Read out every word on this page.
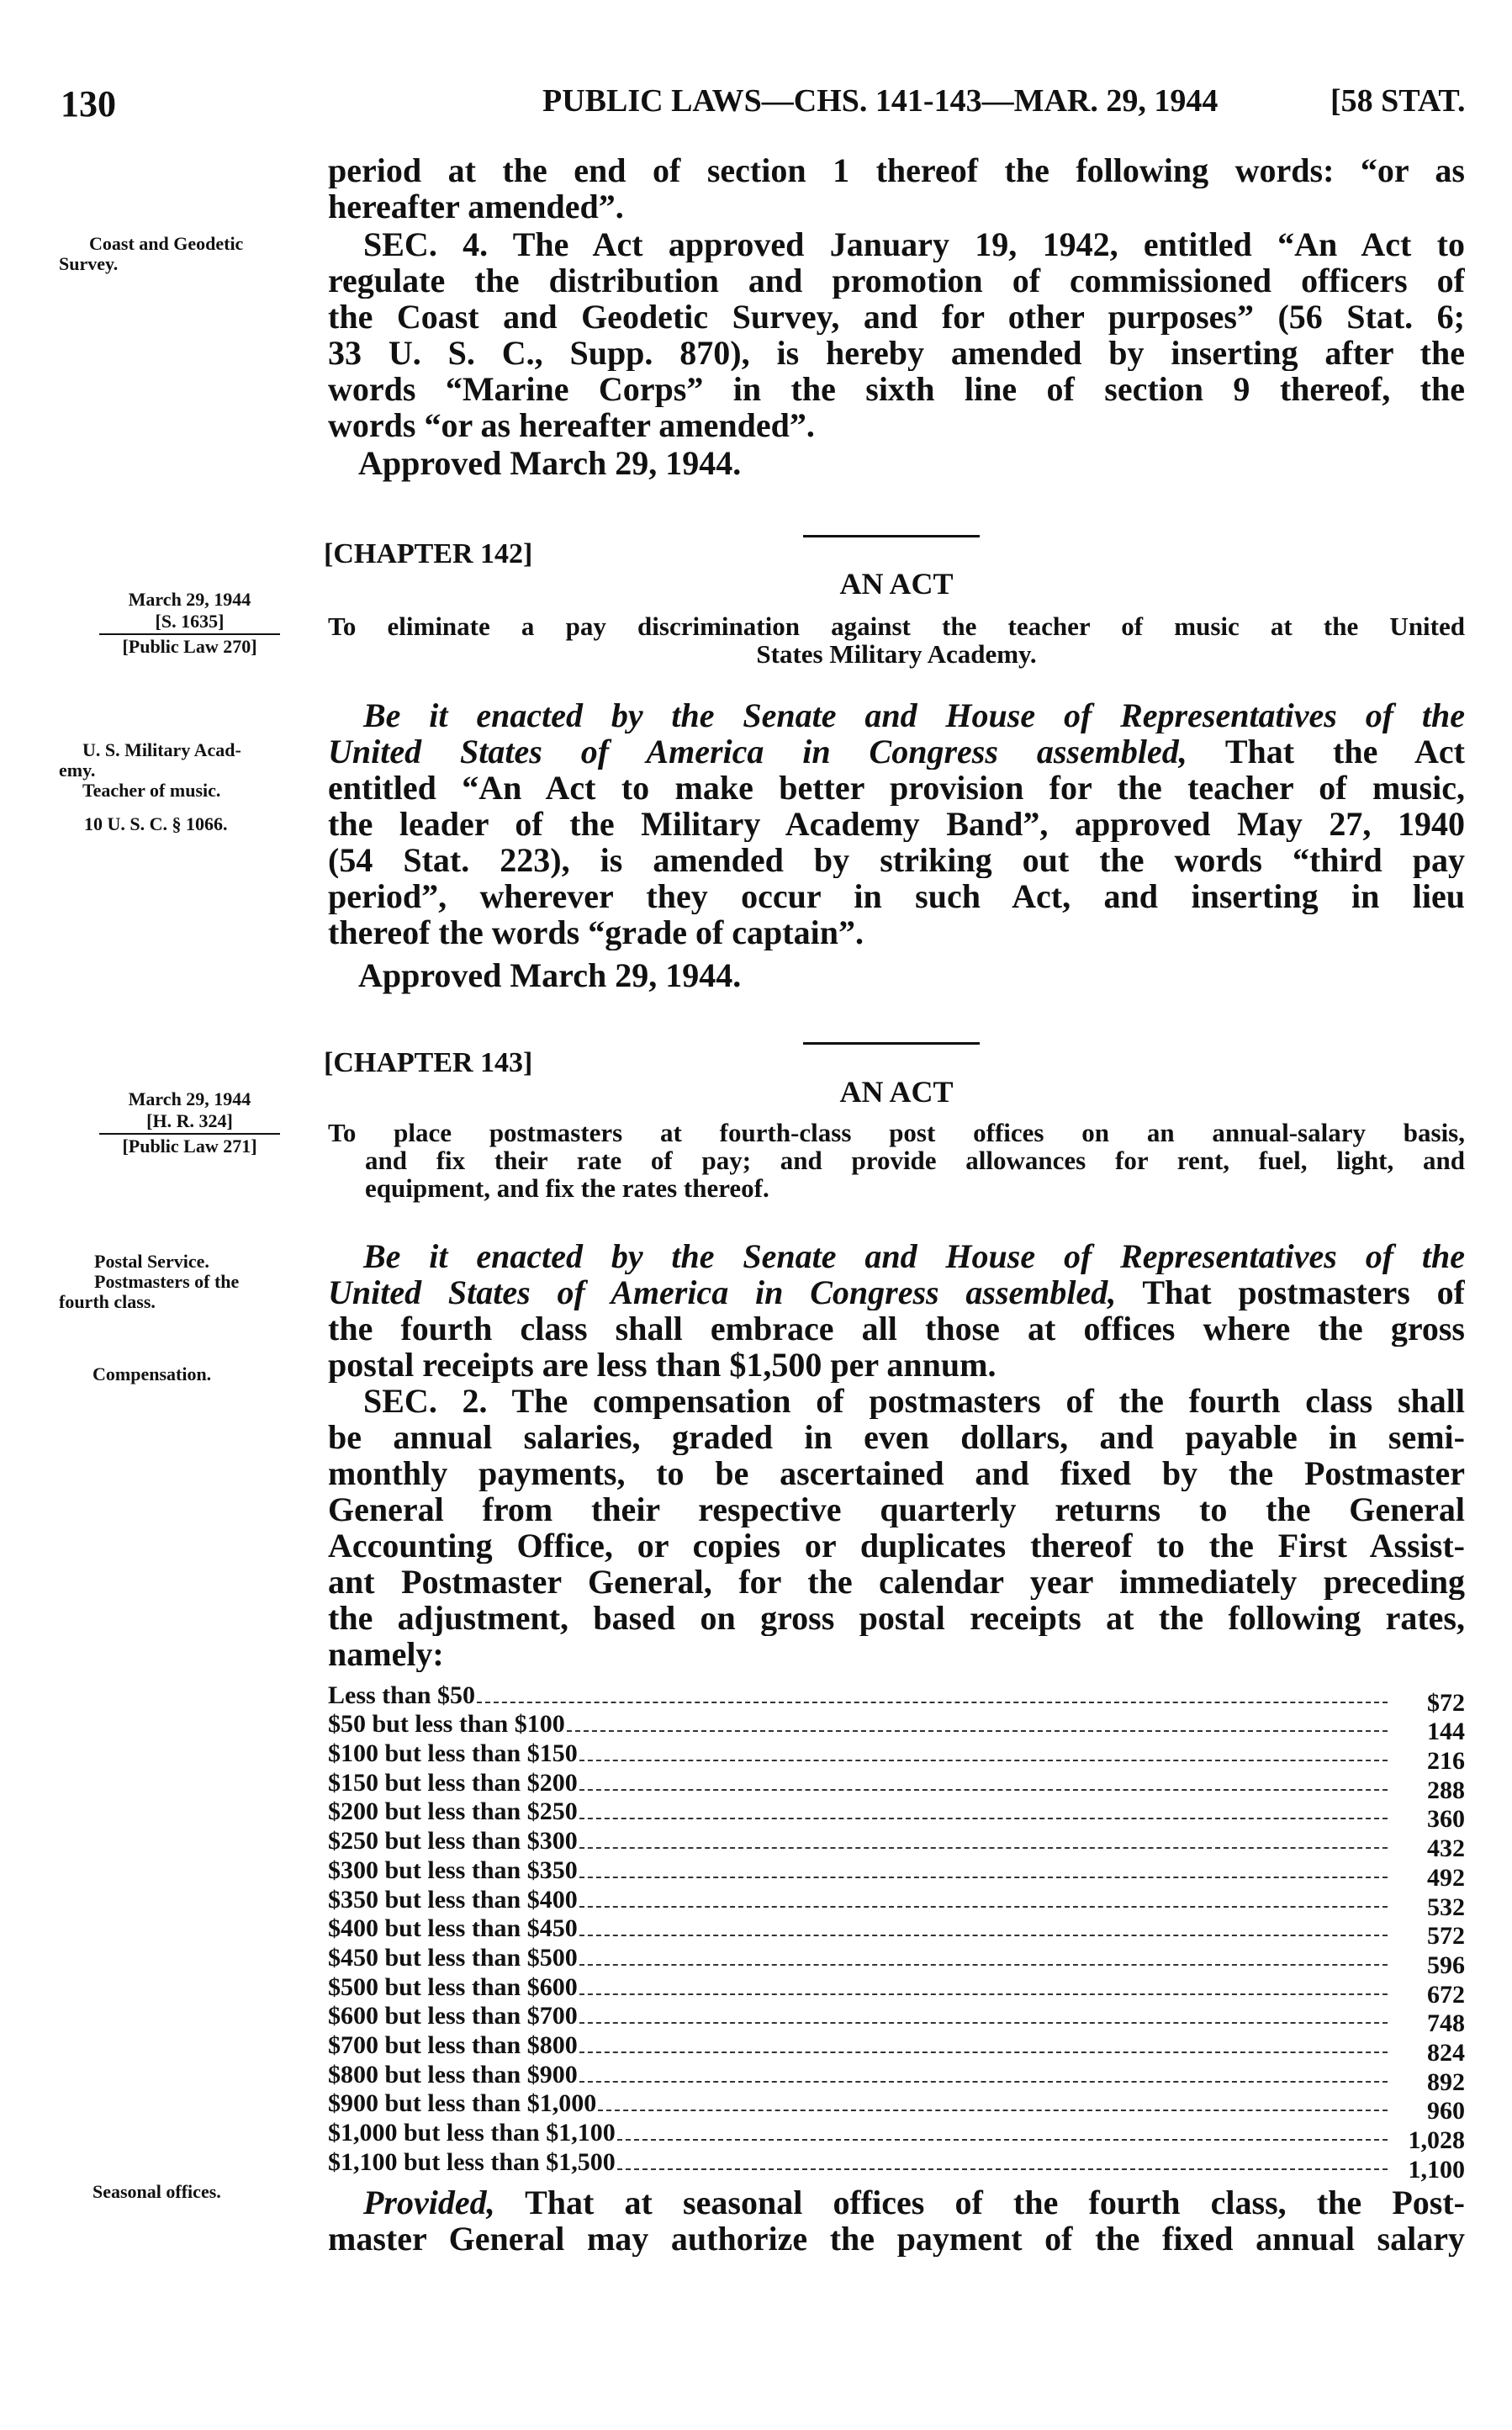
130	PUBLIC LAWS—CHS. 141-143—MAR. 29, 1944	[58 STAT.
period at the end of section 1 thereof the following words: “or as
hereafter amended”.
SEC. 4. The Act approved January 19, 1942, entitled “An Act to
regulate the distribution and promotion of commissioned officers of
the Coast and Geodetic Survey, and for other purposes” (56 Stat. 6;
33 U. S. C., Supp. 870), is hereby amended by inserting after the
words “Marine Corps” in the sixth line of section 9 thereof, the
words “or as hereafter amended”.
Approved March 29, 1944.
Coast and Geodetic
Survey.
[CHAPTER 142]
AN ACT
To eliminate a pay discrimination against the teacher of music at the United
States Military Academy.
March 29, 1944
[S. 1635]
[Public Law 270]
Be it enacted by the Senate and House of Representatives of the
United States of America in Congress assembled, That the Act
entitled “An Act to make better provision for the teacher of music,
the leader of the Military Academy Band”, approved May 27, 1940
(54 Stat. 223), is amended by striking out the words “third pay
period”, wherever they occur in such Act, and inserting in lieu
thereof the words “grade of captain”.
Approved March 29, 1944.
U. S. Military Acad-
emy.
Teacher of music.
10 U. S. C. § 1066.
[CHAPTER 143]
AN ACT
To place postmasters at fourth-class post offices on an annual-salary basis,
and fix their rate of pay; and provide allowances for rent, fuel, light, and
equipment, and fix the rates thereof.
March 29, 1944
[H. R. 324]
[Public Law 271]
Be it enacted by the Senate and House of Representatives of the
United States of America in Congress assembled, That postmasters of
the fourth class shall embrace all those at offices where the gross
postal receipts are less than $1,500 per annum.
SEC. 2. The compensation of postmasters of the fourth class shall
be annual salaries, graded in even dollars, and payable in semi-
monthly payments, to be ascertained and fixed by the Postmaster
General from their respective quarterly returns to the General
Accounting Office, or copies or duplicates thereof to the First Assist-
ant Postmaster General, for the calendar year immediately preceding
the adjustment, based on gross postal receipts at the following rates,
namely:
Postal Service.
Postmasters of the
fourth class.
Compensation.
Less than $50	$72
$50 but less than $100	144
$100 but less than $150	216
$150 but less than $200	288
$200 but less than $250	360
$250 but less than $300	432
$300 but less than $350	492
$350 but less than $400	532
$400 but less than $450	572
$450 but less than $500	596
$500 but less than $600	672
$600 but less than $700	748
$700 but less than $800	824
$800 but less than $900	892
$900 but less than $1,000	960
$1,000 but less than $1,100	1,028
$1,100 but less than $1,500	1,100
Seasonal offices.	Provided, That at seasonal offices of the fourth class, the Post-
master General may authorize the payment of the fixed annual salary
